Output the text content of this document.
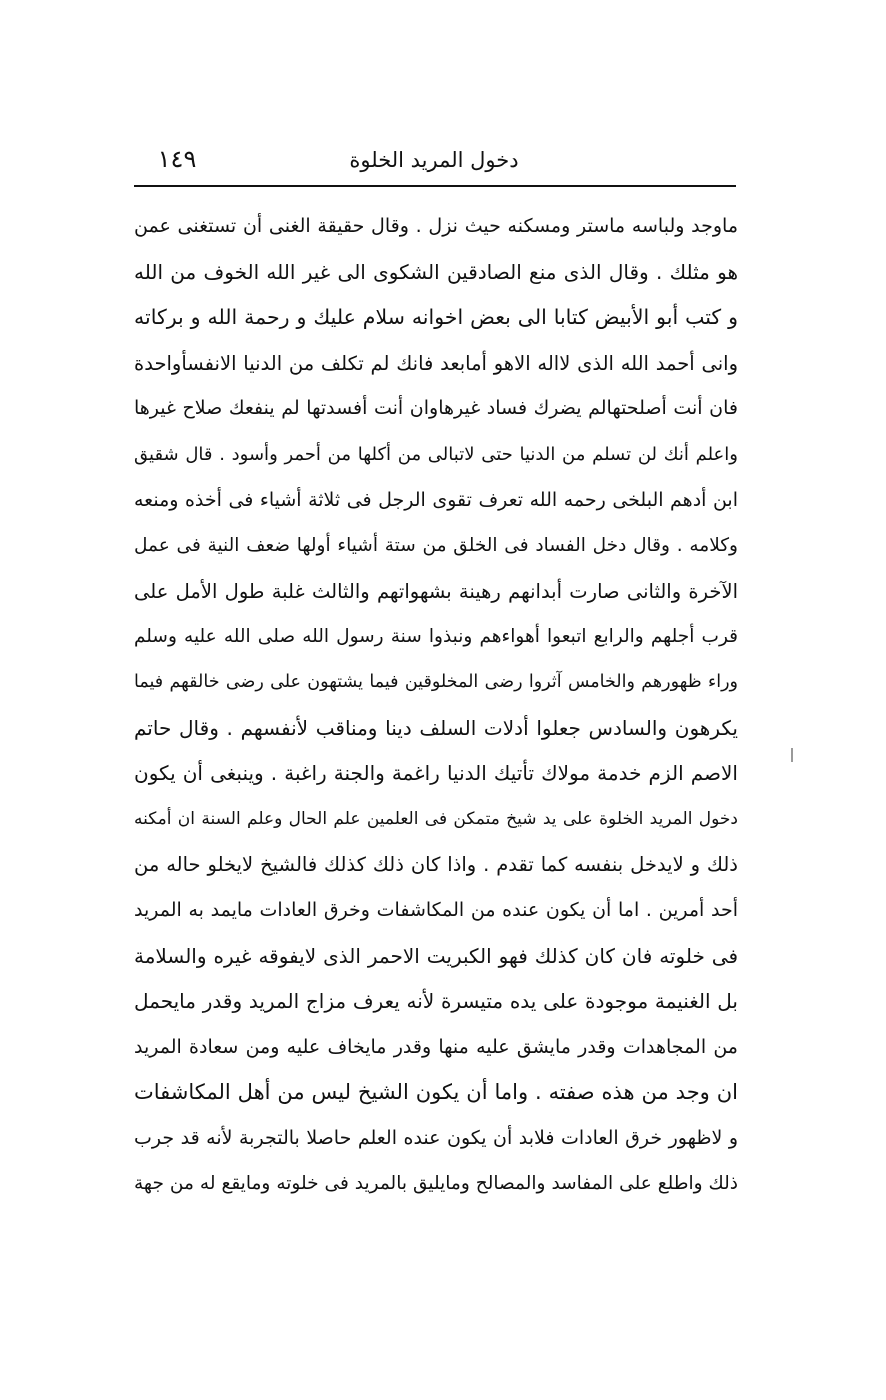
دخول المريد الخلوة
١٤٩
ماوجد ولباسه ماستر ومسكنه حيث نزل . وقال حقيقة الغنى أن تستغنى عمن
هو مثلك . وقال الذى منع الصادقين الشكوى الى غير الله الخوف من الله
و كتب أبو الأبيض كتابا الى بعض اخوانه سلام عليك و رحمة الله و بركاته
وانى أحمد الله الذى لااله الاهو أمابعد فانك لم تكلف من الدنيا الانفسأواحدة
فان أنت أصلحتهالم يضرك فساد غيرهاوان أنت أفسدتها لم ينفعك صلاح غيرها
واعلم أنك لن تسلم من الدنيا حتى لاتبالى من أكلها من أحمر وأسود . قال شقيق
ابن أدهم البلخى رحمه الله تعرف تقوى الرجل فى ثلاثة أشياء فى أخذه ومنعه
وكلامه . وقال دخل الفساد فى الخلق من ستة أشياء أولها ضعف النية فى عمل
الآخرة والثانى صارت أبدانهم رهينة بشهواتهم والثالث غلبة طول الأمل على
قرب أجلهم والرابع اتبعوا أهواءهم ونبذوا سنة رسول الله صلى الله عليه وسلم
وراء ظهورهم والخامس آثروا رضى المخلوقين فيما يشتهون على رضى خالقهم فيما
يكرهون والسادس جعلوا أدلات السلف دينا ومناقب لأنفسهم . وقال حاتم
الاصم الزم خدمة مولاك تأتيك الدنيا راغمة والجنة راغبة . وينبغى أن يكون
دخول المريد الخلوة على يد شيخ متمكن فى العلمين علم الحال وعلم السنة ان أمكنه
ذلك و لايدخل بنفسه كما تقدم . واذا كان ذلك كذلك فالشيخ لايخلو حاله من
أحد أمرين . اما أن يكون عنده من المكاشفات وخرق العادات مايمد به المريد
فى خلوته فان كان كذلك فهو الكبريت الاحمر الذى لايفوقه غيره والسلامة
بل الغنيمة موجودة على يده متيسرة لأنه يعرف مزاج المريد وقدر مايحمل
من المجاهدات وقدر مايشق عليه منها وقدر مايخاف عليه ومن سعادة المريد
ان وجد من هذه صفته . واما أن يكون الشيخ ليس من أهل المكاشفات
و لاظهور خرق العادات فلابد أن يكون عنده العلم حاصلا بالتجربة لأنه قد جرب
ذلك واطلع على المفاسد والمصالح ومايليق بالمريد فى خلوته ومايقع له من جهة
